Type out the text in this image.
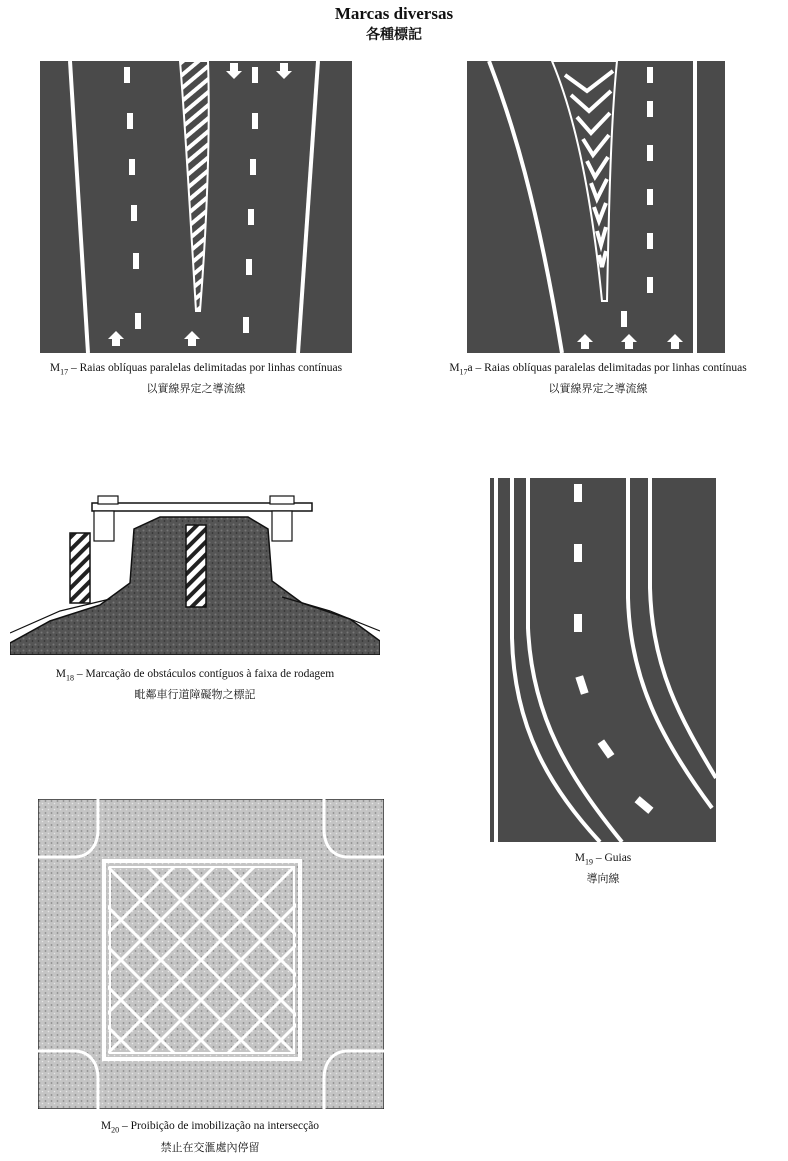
Marcas diversas
各種標記
$M_{17}$ – Raias oblíquas paralelas delimitadas por linhas contínuas
以實線界定之導流線
$M_{17}a$ – Raias oblíquas paralelas delimitadas por linhas contínuas
以實線界定之導流線
$M_{18}$ – Marcação de obstáculos contíguos à faixa de rodagem
毗鄰車行道障礙物之標記
$M_{19}$ – Guias
導向線
$M_{20}$ – Proibição de imobilização na intersecção
禁止在交滙處內停留
